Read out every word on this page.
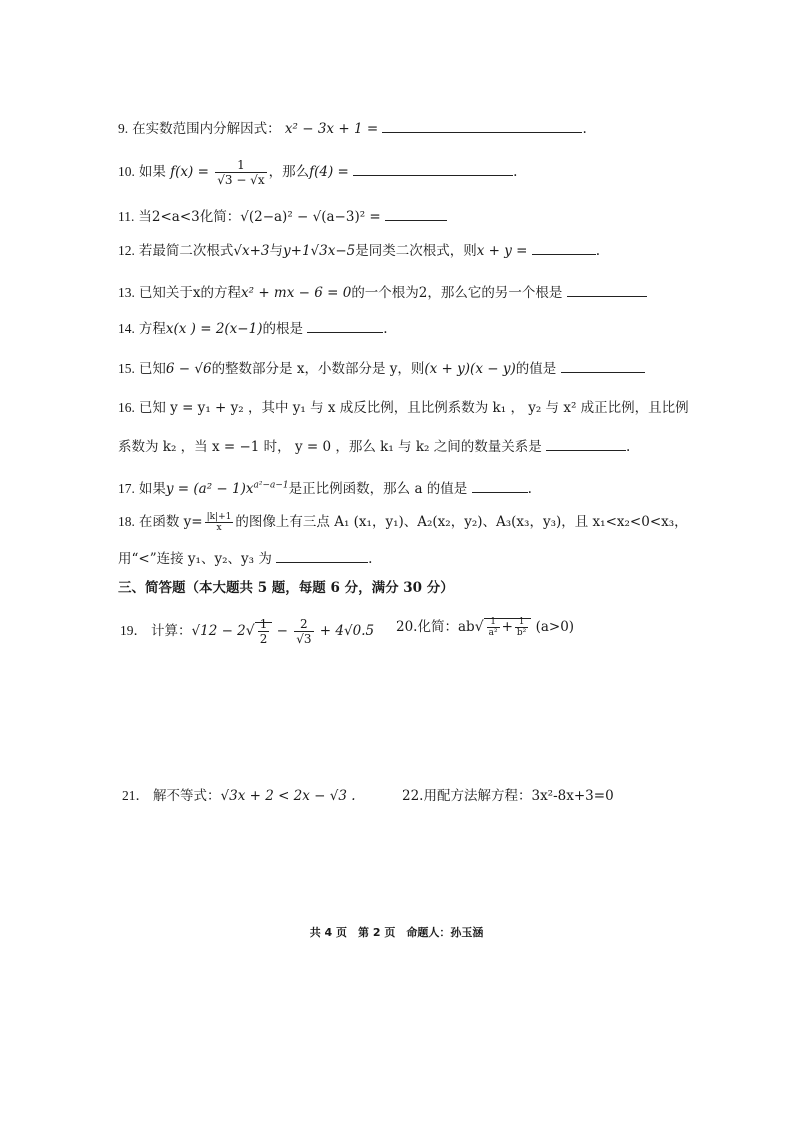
9. 在实数范围内分解因式： x² − 3x + 1 =	.
10. 如果 $f(x) = \frac{1}{√3 - √x}$ ，那么f(4) =	.
11. 当2<a<3化简：√(2−a)² − √(a−3)² =
12. 若最简二次根式√x+3与y+1√3x−5是同类二次根式，则x + y =	.
13. 已知关于x的方程x² + mx − 6 = 0的一个根为2，那么它的另一个根是
14. 方程x(x ) = 2(x−1)的根是	.
15. 已知6 − √6的整数部分是 x，小数部分是 y，则(x + y)(x − y)的值是
16. 已知 y = y₁ + y₂ ，其中 y₁ 与 x 成反比例，且比例系数为 k₁ ， y₂ 与 x² 成正比例，且比例
系数为 k₂ ，当 x = −1 时， y = 0 ，那么 k₁ 与 k₂ 之间的数量关系是	.
17. 如果$y = (a^2 - 1)x^{a^2-a-1}$是正比例函数，那么 a 的值是	.
18. 在函数 $y= \frac{|k|+1}{x}$ 的图像上有三点 A₁ (x₁，y₁)、A₂(x₂，y₂)、A₃(x₃，y₃)，且 x₁<x₂<0<x₃，
用“<”连接 y₁、y₂、y₃ 为	.
三、简答题（本大题共 5 题，每题 6 分，满分 30 分）
19． 计算：$√12 - 2√ \frac{1}{2} - \frac{2}{√3} + 4√0.5$ 20.化简：$ab√ \frac{1}{\text{a²}} + \frac{1}{\text{b²}} (a>0)$
21． 解不等式：√3x + 2 < 2x − √3 .	22.用配方法解方程：3x²-8x+3=0
共 4 页　第 2 页　命题人：孙玉涵
